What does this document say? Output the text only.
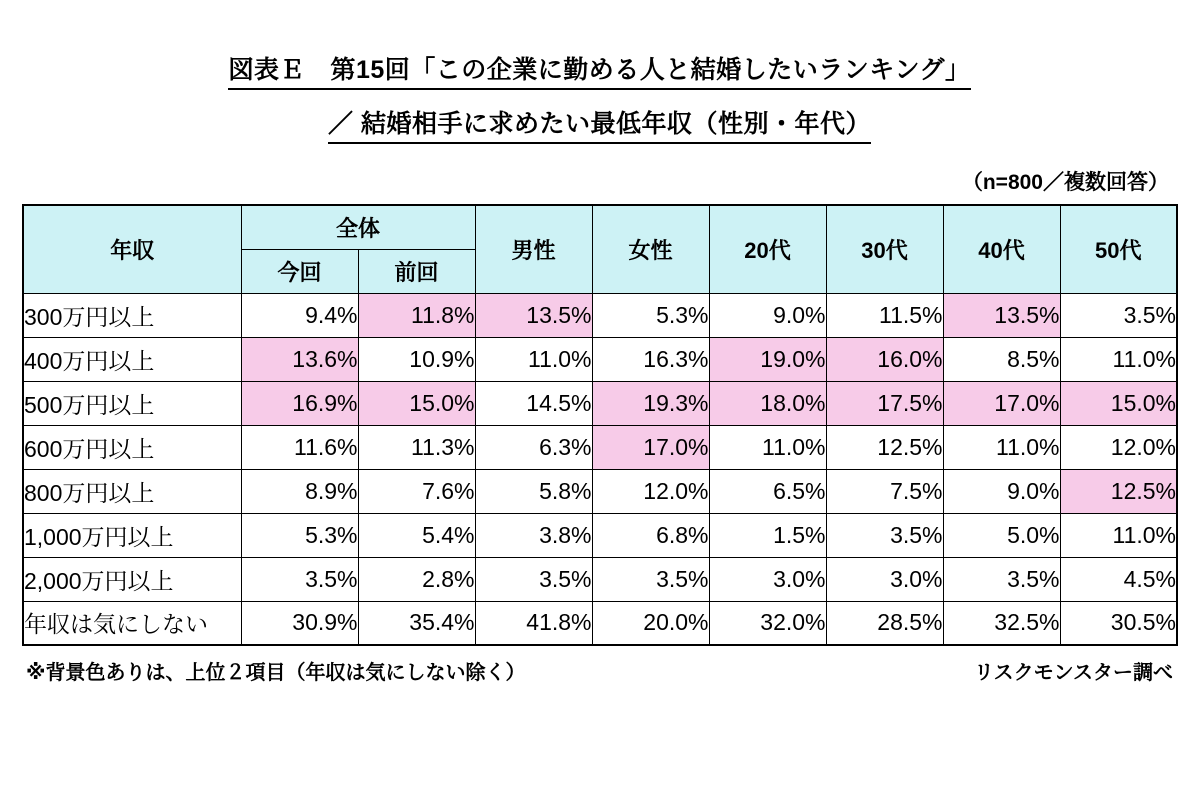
図表Ｅ　第15回「この企業に勤める人と結婚したいランキング」 ／ 結婚相手に求めたい最低年収（性別・年代）
（n=800／複数回答）
年収	全体		男性	女性	20代	30代	40代	50代
	今回	前回						
300万円以上	9.4%	11.8%	13.5%	5.3%	9.0%	11.5%	13.5%	3.5%
400万円以上	13.6%	10.9%	11.0%	16.3%	19.0%	16.0%	8.5%	11.0%
500万円以上	16.9%	15.0%	14.5%	19.3%	18.0%	17.5%	17.0%	15.0%
600万円以上	11.6%	11.3%	6.3%	17.0%	11.0%	12.5%	11.0%	12.0%
800万円以上	8.9%	7.6%	5.8%	12.0%	6.5%	7.5%	9.0%	12.5%
1,000万円以上	5.3%	5.4%	3.8%	6.8%	1.5%	3.5%	5.0%	11.0%
2,000万円以上	3.5%	2.8%	3.5%	3.5%	3.0%	3.0%	3.5%	4.5%
年収は気にしない	30.9%	35.4%	41.8%	20.0%	32.0%	28.5%	32.5%	30.5%
※背景色ありは、上位２項目（年収は気にしない除く）	リスクモンスター調べ
